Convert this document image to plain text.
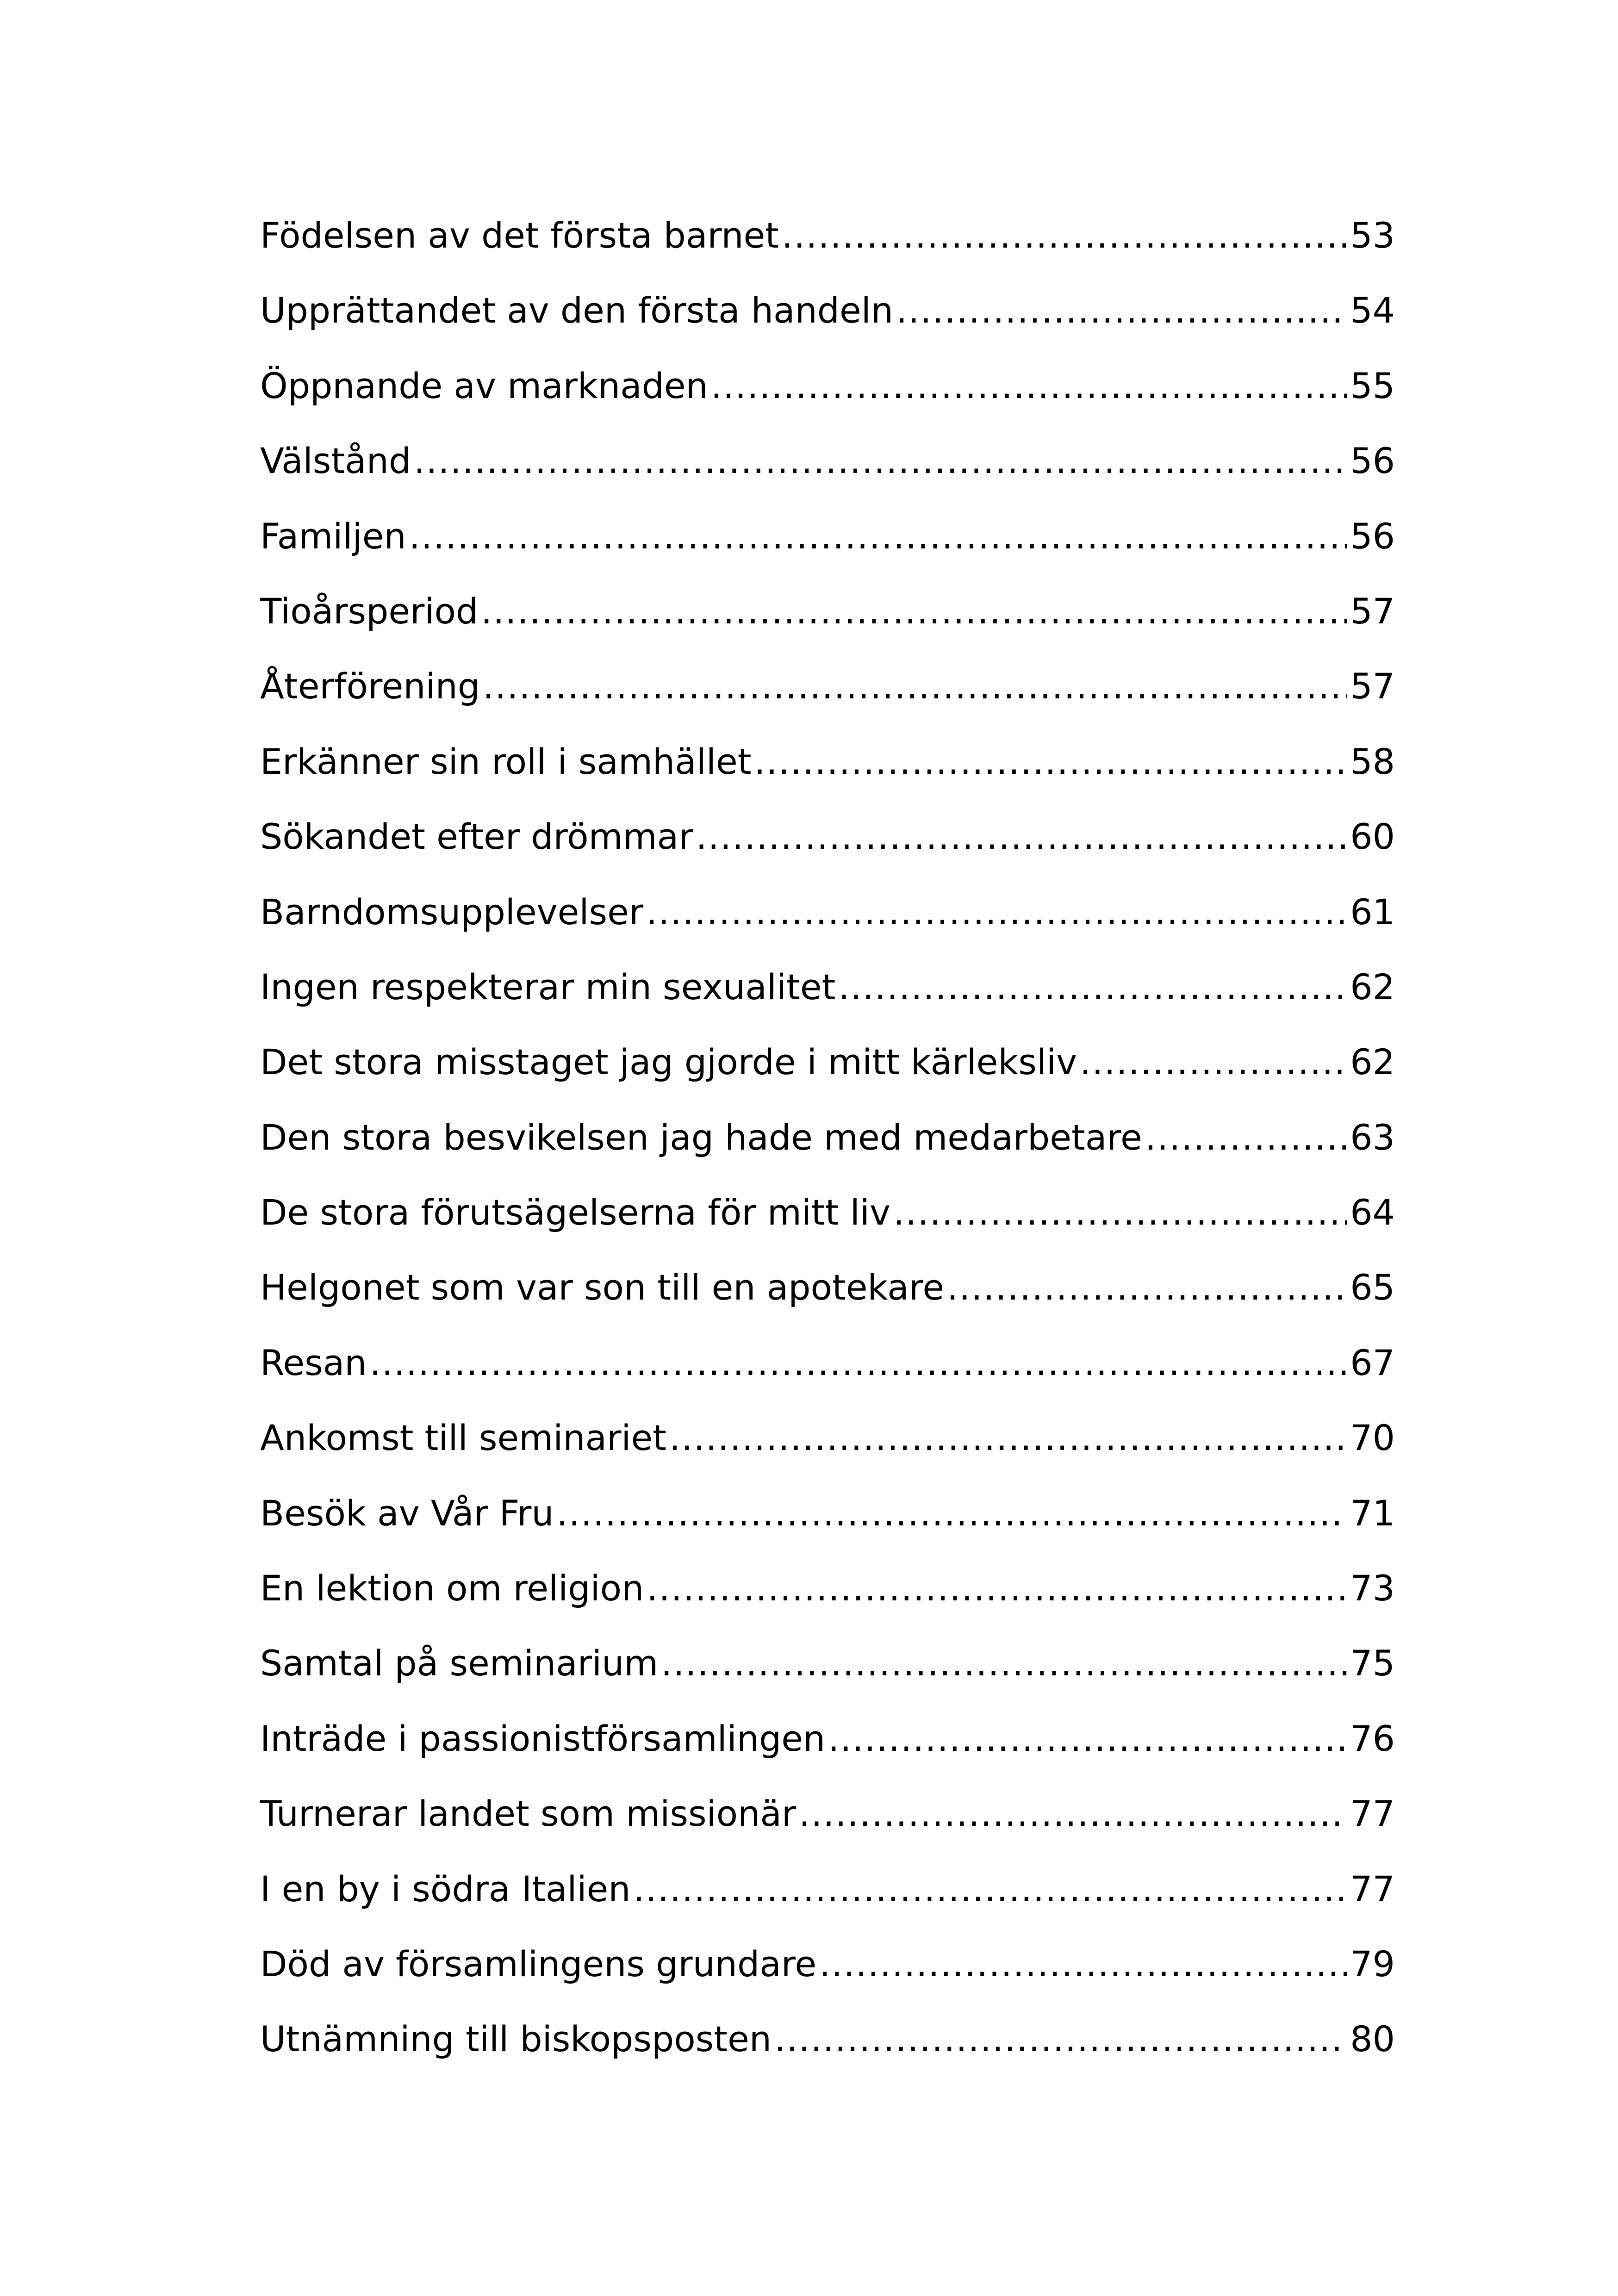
Födelsen av det första barnet .....	53
Upprättandet av den första handeln .....	54
Öppnande av marknaden .....	55
Välstånd .....	56
Familjen .....	56
Tioårsperiod .....	57
Återförening .....	57
Erkänner sin roll i samhället .....	58
Sökandet efter drömmar .....	60
Barndomsupplevelser .....	61
Ingen respekterar min sexualitet .....	62
Det stora misstaget jag gjorde i mitt kärleksliv .....	62
Den stora besvikelsen jag hade med medarbetare .....	63
De stora förutsägelserna för mitt liv .....	64
Helgonet som var son till en apotekare .....	65
Resan .....	67
Ankomst till seminariet .....	70
Besök av Vår Fru .....	71
En lektion om religion .....	73
Samtal på seminarium .....	75
Inträde i passionistförsamlingen .....	76
Turnerar landet som missionär .....	77
I en by i södra Italien .....	77
Död av församlingens grundare .....	79
Utnämning till biskopsposten .....	80
